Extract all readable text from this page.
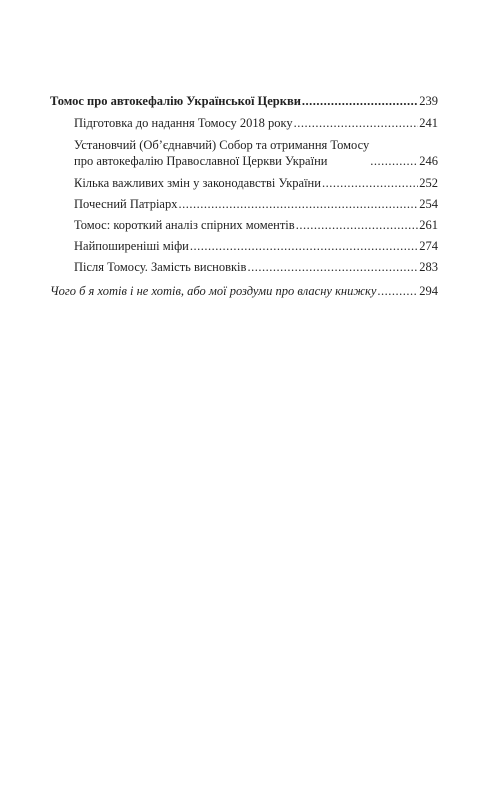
Томос про автокефалію Української Церкви .....	239
Підготовка до надання Томосу 2018 року .....	241
Установчий (Об’єднавчий) Собор та отримання Томосу
про автокефалію Православної Церкви України .....	246
Кілька важливих змін у законодавстві України .....	252
Почесний Патріарх .....	254
Томос: короткий аналіз спірних моментів .....	261
Найпоширеніші міфи .....	274
Після Томосу. Замість висновків .....	283
Чого б я хотів і не хотів, або мої роздуми про власну книжку .....	294
